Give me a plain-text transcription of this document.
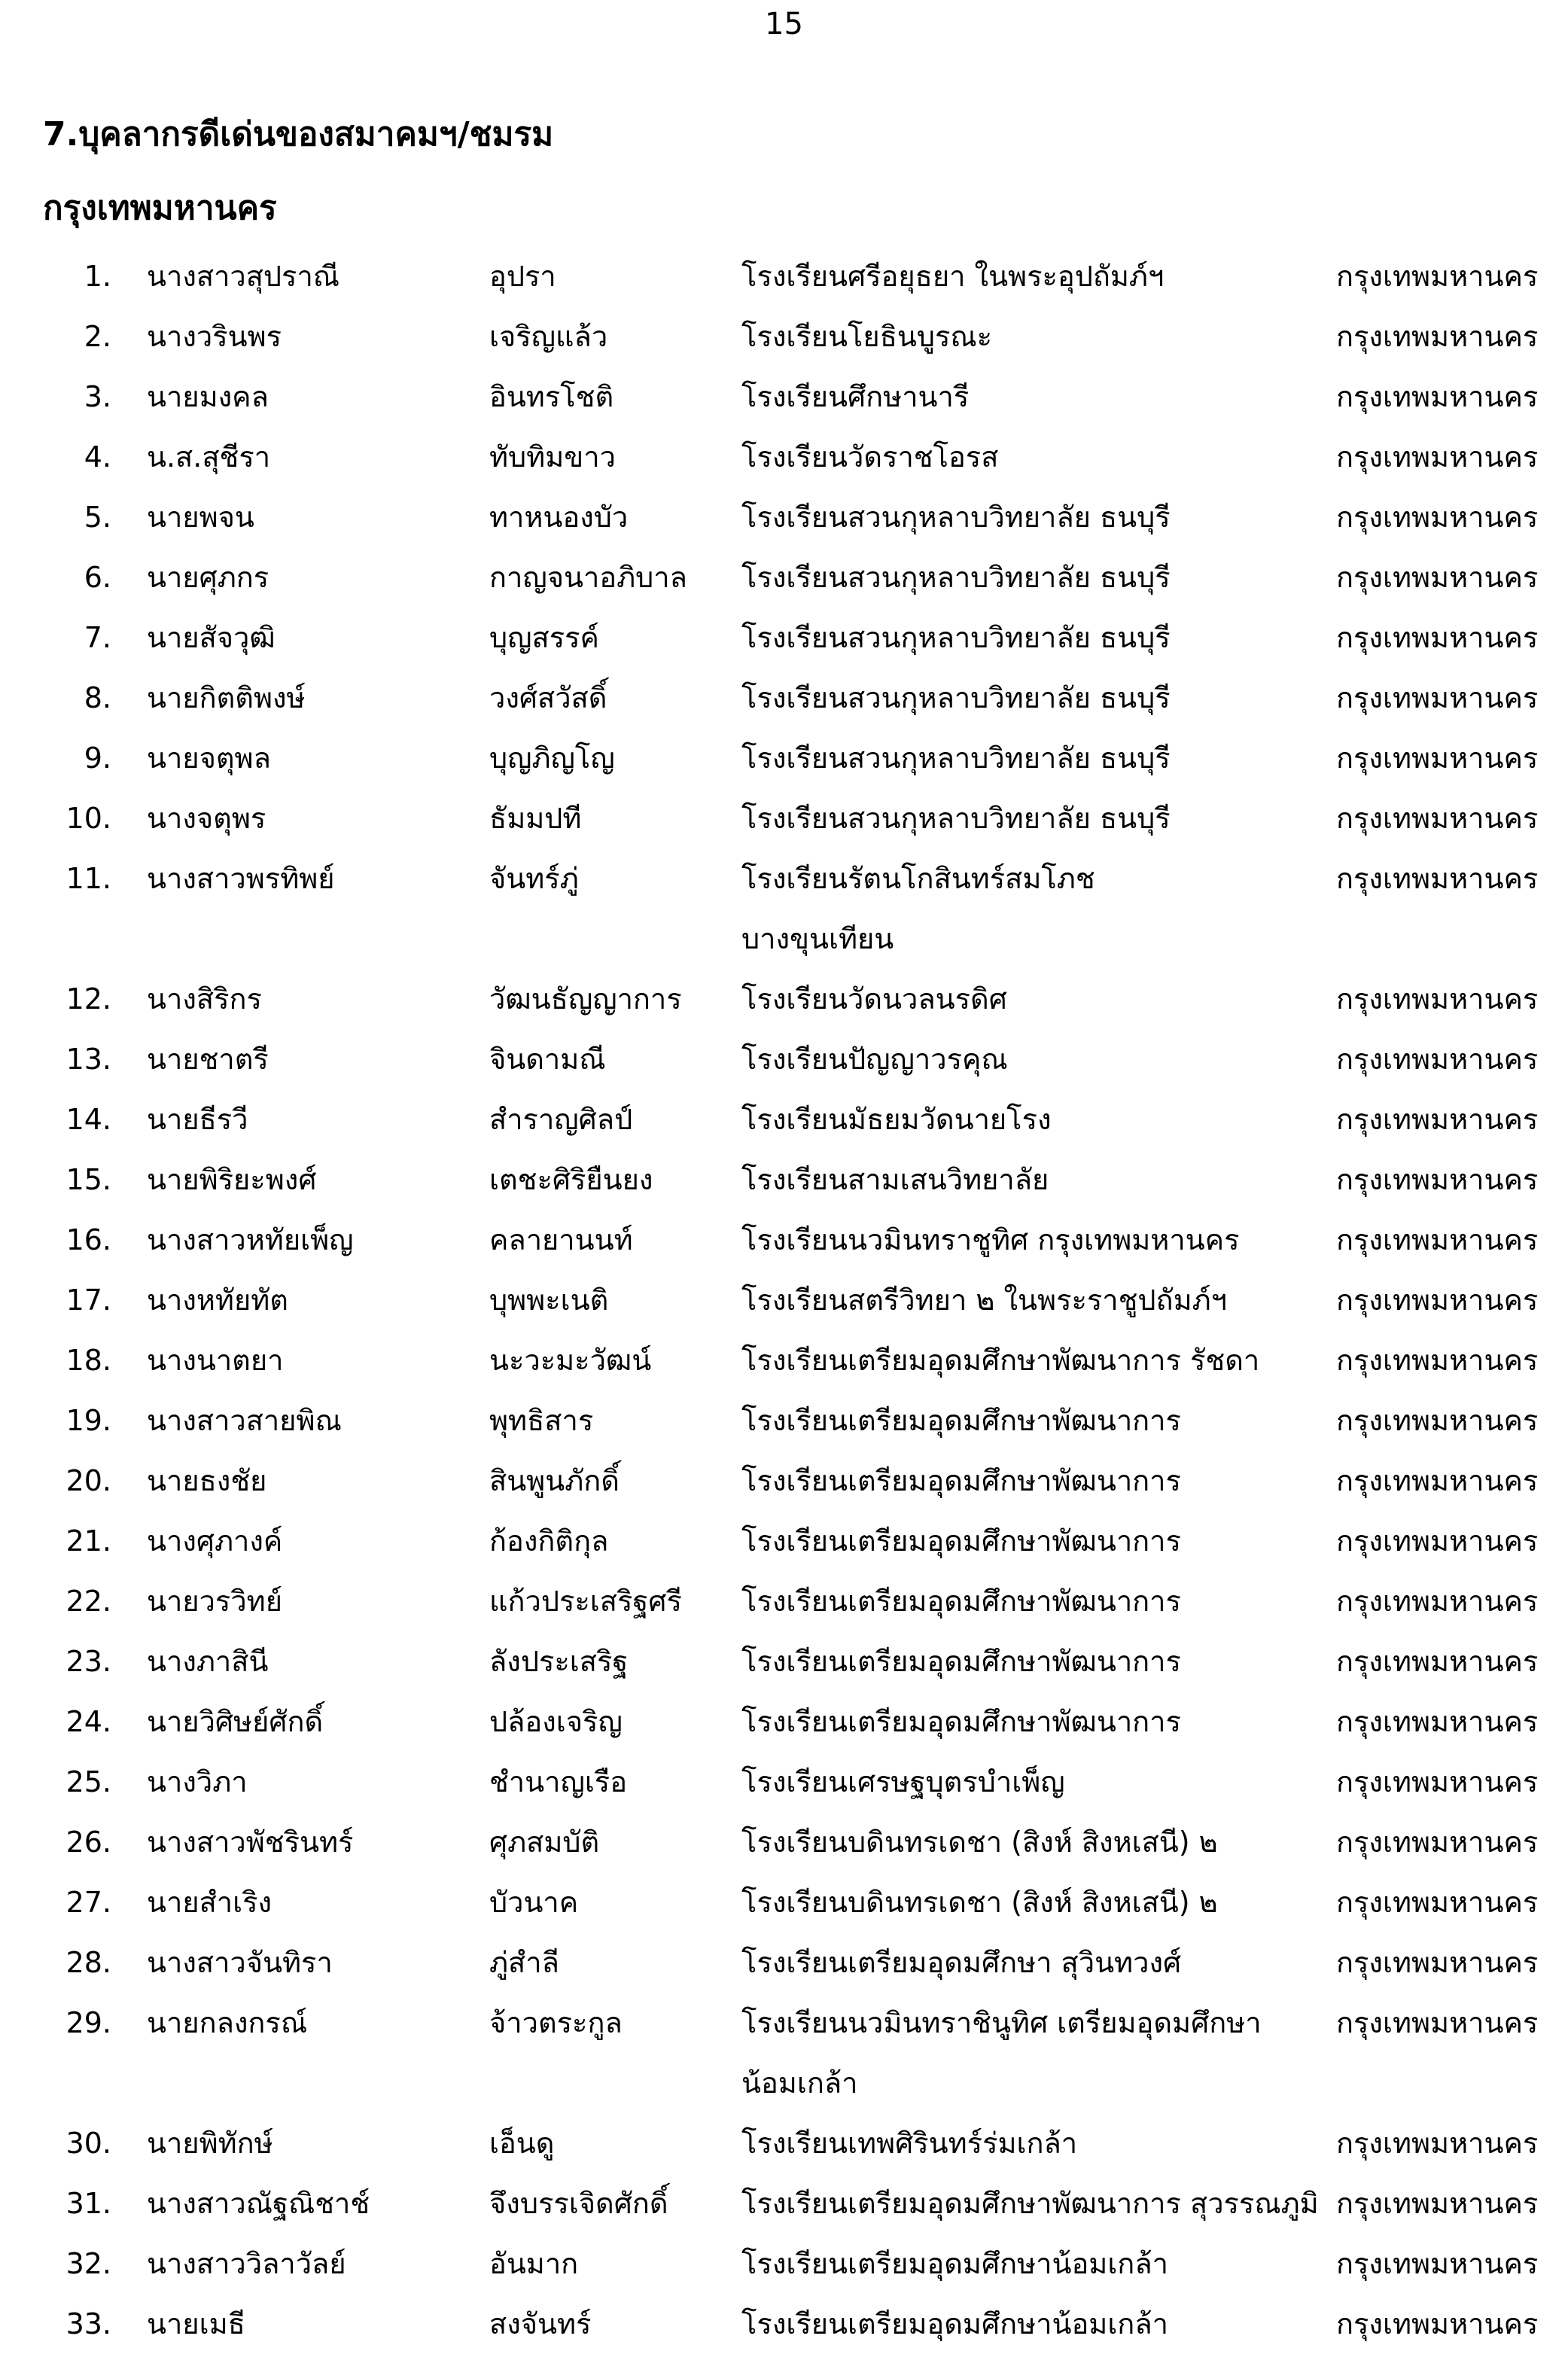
15
7.บุคลากรดีเด่นของสมาคมฯ/ชมรม
กรุงเทพมหานคร
1.	นางสาวสุปราณี	อุปรา	โรงเรียนศรีอยุธยา ในพระอุปถัมภ์ฯ	กรุงเทพมหานคร
2.	นางวรินพร	เจริญแล้ว	โรงเรียนโยธินบูรณะ	กรุงเทพมหานคร
3.	นายมงคล	อินทรโชติ	โรงเรียนศึกษานารี	กรุงเทพมหานคร
4.	น.ส.สุชีรา	ทับทิมขาว	โรงเรียนวัดราชโอรส	กรุงเทพมหานคร
5.	นายพจน	ทาหนองบัว	โรงเรียนสวนกุหลาบวิทยาลัย ธนบุรี	กรุงเทพมหานคร
6.	นายศุภกร	กาญจนาอภิบาล	โรงเรียนสวนกุหลาบวิทยาลัย ธนบุรี	กรุงเทพมหานคร
7.	นายสัจวุฒิ	บุญสรรค์	โรงเรียนสวนกุหลาบวิทยาลัย ธนบุรี	กรุงเทพมหานคร
8.	นายกิตติพงษ์	วงศ์สวัสดิ์	โรงเรียนสวนกุหลาบวิทยาลัย ธนบุรี	กรุงเทพมหานคร
9.	นายจตุพล	บุญภิญโญ	โรงเรียนสวนกุหลาบวิทยาลัย ธนบุรี	กรุงเทพมหานคร
10.	นางจตุพร	ธัมมปที	โรงเรียนสวนกุหลาบวิทยาลัย ธนบุรี	กรุงเทพมหานคร
11.	นางสาวพรทิพย์	จันทร์ภู่	โรงเรียนรัตนโกสินทร์สมโภช
บางขุนเทียน
กรุงเทพมหานคร
12.	นางสิริกร	วัฒนธัญญาการ	โรงเรียนวัดนวลนรดิศ	กรุงเทพมหานคร
13.	นายชาตรี	จินดามณี	โรงเรียนปัญญาวรคุณ	กรุงเทพมหานคร
14.	นายธีรวี	สำราญศิลป์	โรงเรียนมัธยมวัดนายโรง	กรุงเทพมหานคร
15.	นายพิริยะพงศ์	เตชะศิริยืนยง	โรงเรียนสามเสนวิทยาลัย	กรุงเทพมหานคร
16.	นางสาวหทัยเพ็ญ	คลายานนท์	โรงเรียนนวมินทราชูทิศ กรุงเทพมหานคร	กรุงเทพมหานคร
17.	นางหทัยทัต	บุพพะเนติ	โรงเรียนสตรีวิทยา ๒ ในพระราชูปถัมภ์ฯ	กรุงเทพมหานคร
18.	นางนาตยา	นะวะมะวัฒน์	โรงเรียนเตรียมอุดมศึกษาพัฒนาการ รัชดา	กรุงเทพมหานคร
19.	นางสาวสายพิณ	พุทธิสาร	โรงเรียนเตรียมอุดมศึกษาพัฒนาการ	กรุงเทพมหานคร
20.	นายธงชัย	สินพูนภักดิ์	โรงเรียนเตรียมอุดมศึกษาพัฒนาการ	กรุงเทพมหานคร
21.	นางศุภางค์	ก้องกิติกุล	โรงเรียนเตรียมอุดมศึกษาพัฒนาการ	กรุงเทพมหานคร
22.	นายวรวิทย์	แก้วประเสริฐศรี	โรงเรียนเตรียมอุดมศึกษาพัฒนาการ	กรุงเทพมหานคร
23.	นางภาสินี	ลังประเสริฐ	โรงเรียนเตรียมอุดมศึกษาพัฒนาการ	กรุงเทพมหานคร
24.	นายวิศิษย์ศักดิ์	ปล้องเจริญ	โรงเรียนเตรียมอุดมศึกษาพัฒนาการ	กรุงเทพมหานคร
25.	นางวิภา	ชำนาญเรือ	โรงเรียนเศรษฐบุตรบำเพ็ญ	กรุงเทพมหานคร
26.	นางสาวพัชรินทร์	ศุภสมบัติ	โรงเรียนบดินทรเดชา (สิงห์ สิงหเสนี) ๒	กรุงเทพมหานคร
27.	นายสำเริง	บัวนาค	โรงเรียนบดินทรเดชา (สิงห์ สิงหเสนี) ๒	กรุงเทพมหานคร
28.	นางสาวจันทิรา	ภู่สำลี	โรงเรียนเตรียมอุดมศึกษา สุวินทวงศ์	กรุงเทพมหานคร
29.	นายกลงกรณ์	จ้าวตระกูล	โรงเรียนนวมินทราชินูทิศ เตรียมอุดมศึกษา
น้อมเกล้า
กรุงเทพมหานคร
30.	นายพิทักษ์	เอ็นดู	โรงเรียนเทพศิรินทร์ร่มเกล้า	กรุงเทพมหานคร
31.	นางสาวณัฐณิชาช์	จึงบรรเจิดศักดิ์	โรงเรียนเตรียมอุดมศึกษาพัฒนาการ สุวรรณภูมิ กรุงเทพมหานคร
32.	นางสาววิลาวัลย์	อันมาก	โรงเรียนเตรียมอุดมศึกษาน้อมเกล้า	กรุงเทพมหานคร
33.	นายเมธี	สงจันทร์	โรงเรียนเตรียมอุดมศึกษาน้อมเกล้า	กรุงเทพมหานคร
